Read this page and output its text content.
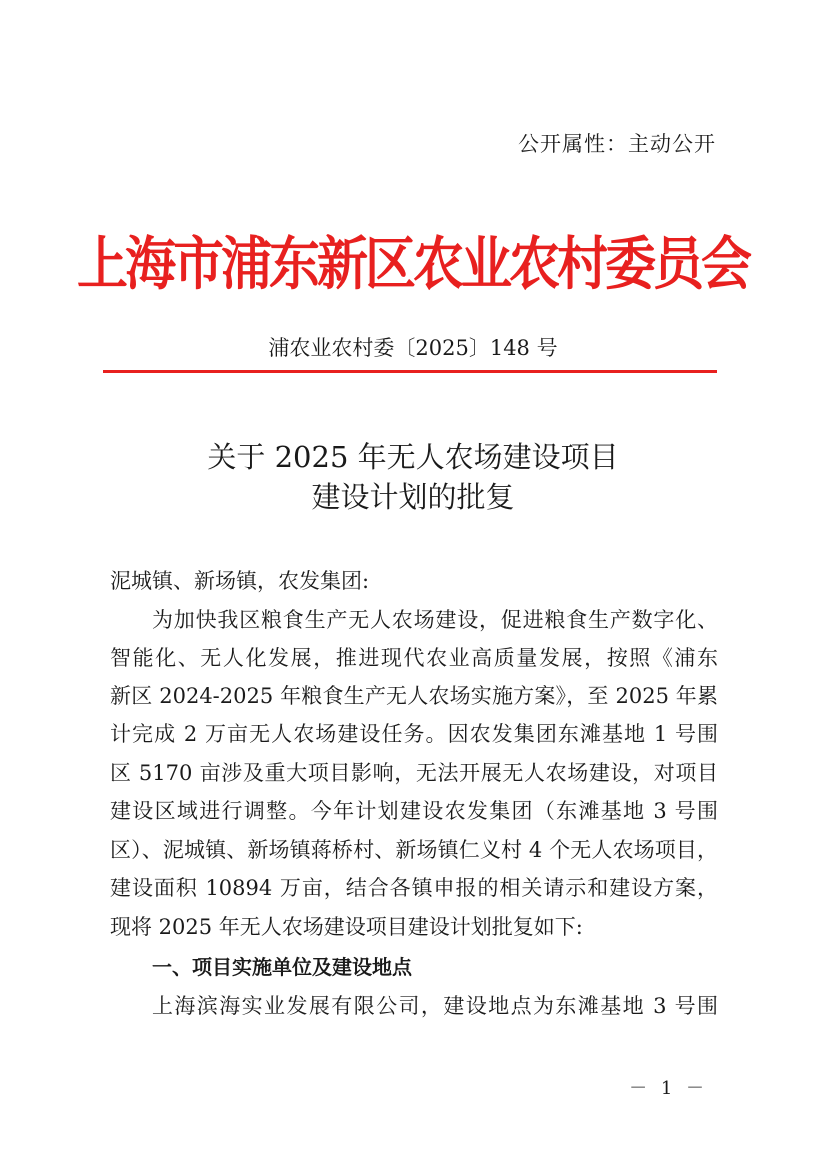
公开属性：主动公开
上海市浦东新区农业农村委员会
浦农业农村委〔2025〕148 号
关于 2025 年无人农场建设项目
建设计划的批复
泥城镇、新场镇，农发集团:
为加快我区粮食生产无人农场建设，促进粮食生产数字化、
智能化、无人化发展，推进现代农业高质量发展，按照《浦东
新区 2024-2025 年粮食生产无人农场实施方案》，至 2025 年累
计完成 2 万亩无人农场建设任务。因农发集团东滩基地 1 号围
区 5170 亩涉及重大项目影响，无法开展无人农场建设，对项目
建设区域进行调整。今年计划建设农发集团（东滩基地 3 号围
区）、泥城镇、新场镇蒋桥村、新场镇仁义村 4 个无人农场项目，
建设面积 10894 万亩，结合各镇申报的相关请示和建设方案，
现将 2025 年无人农场建设项目建设计划批复如下:
一、项目实施单位及建设地点
上海滨海实业发展有限公司，建设地点为东滩基地 3 号围
－ 1 －
